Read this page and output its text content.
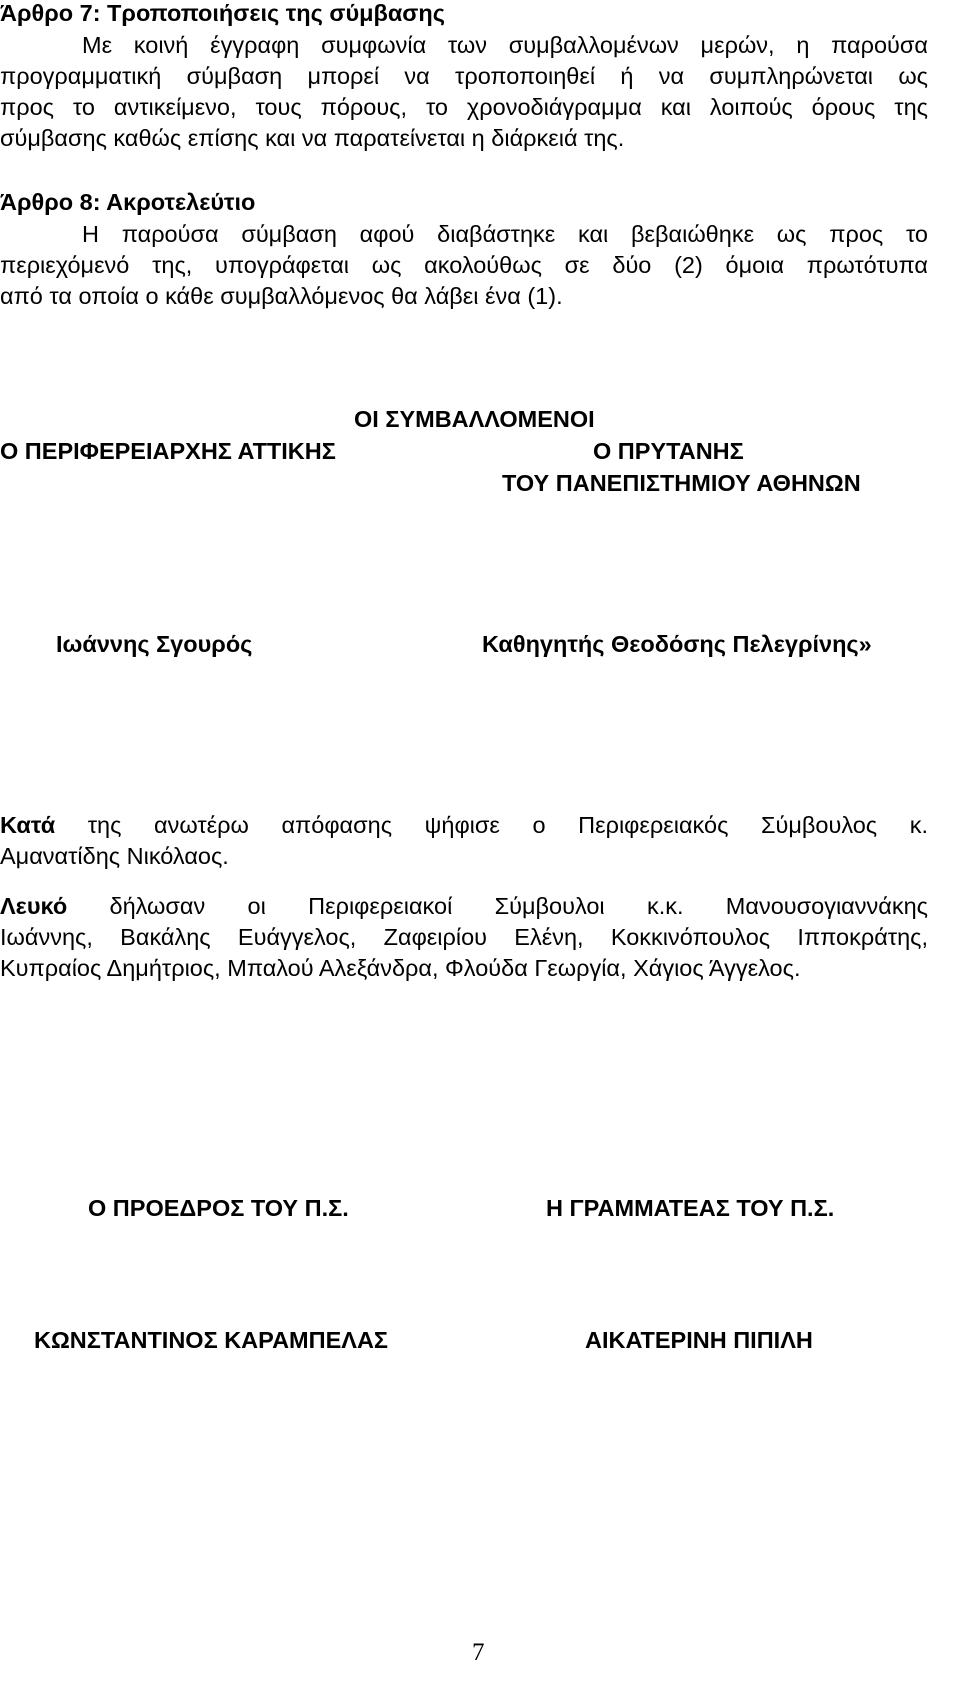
Άρθρο 7: Τροποποιήσεις της σύμβασης
Με κοινή έγγραφη συμφωνία των συμβαλλομένων μερών, η παρούσα
προγραμματική σύμβαση μπορεί να τροποποιηθεί ή να συμπληρώνεται ως
προς το αντικείμενο, τους πόρους, το χρονοδιάγραμμα και λοιπούς όρους της
σύμβασης καθώς επίσης και να παρατείνεται η διάρκειά της.
Άρθρο 8: Ακροτελεύτιο
Η παρούσα σύμβαση αφού διαβάστηκε και βεβαιώθηκε ως προς το
περιεχόμενό της, υπογράφεται ως ακολούθως σε δύο (2) όμοια πρωτότυπα
από τα οποία ο κάθε συμβαλλόμενος θα λάβει ένα (1).
ΟΙ ΣΥΜΒΑΛΛΟΜΕΝΟΙ
Ο ΠΕΡΙΦΕΡΕΙΑΡΧΗΣ ΑΤΤΙΚΗΣ	Ο ΠΡΥΤΑΝΗΣ
ΤΟΥ ΠΑΝΕΠΙΣΤΗΜΙΟΥ ΑΘΗΝΩΝ
Ιωάννης Σγουρός	Καθηγητής Θεοδόσης Πελεγρίνης»
Κατά της ανωτέρω απόφασης ψήφισε ο Περιφερειακός Σύμβουλος κ.
Αμανατίδης Νικόλαος.
Λευκό δήλωσαν οι Περιφερειακοί Σύμβουλοι κ.κ. Μανουσογιαννάκης
Ιωάννης, Βακάλης Ευάγγελος, Ζαφειρίου Ελένη, Κοκκινόπουλος Ιπποκράτης,
Κυπραίος Δημήτριος, Μπαλού Αλεξάνδρα, Φλούδα Γεωργία, Χάγιος Άγγελος.
Ο ΠΡΟΕΔΡΟΣ ΤΟΥ Π.Σ.	Η ΓΡΑΜΜΑΤΕΑΣ ΤΟΥ Π.Σ.
ΚΩΝΣΤΑΝΤΙΝΟΣ ΚΑΡΑΜΠΕΛΑΣ	ΑΙΚΑΤΕΡΙΝΗ ΠΙΠΙΛΗ
7
